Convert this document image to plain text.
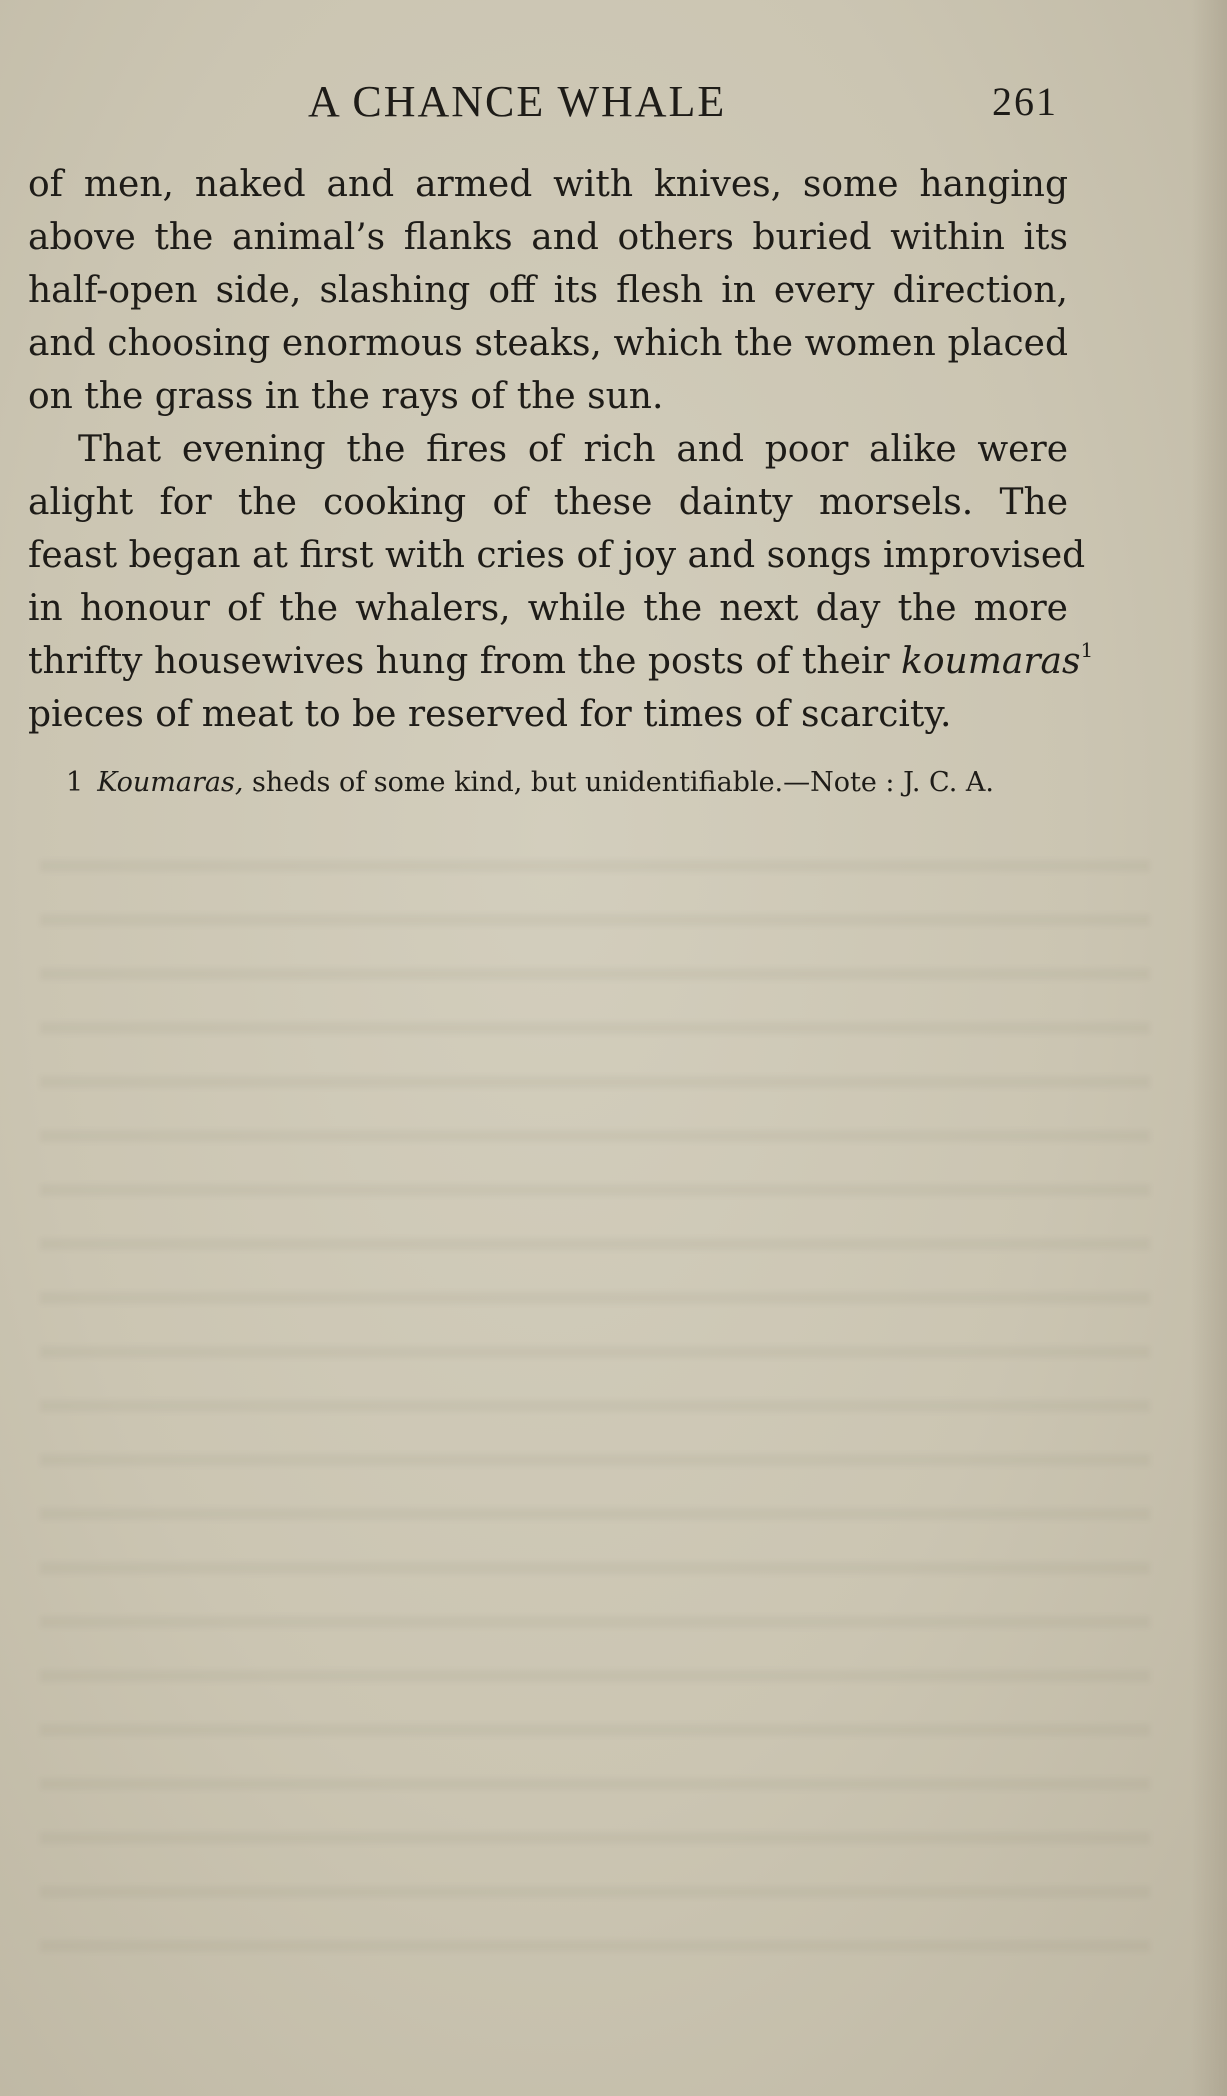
A CHANCE WHALE	261
of men, naked and armed with knives, some hanging
above the animal’s flanks and others buried within its
half-open side, slashing off its flesh in every direction,
and choosing enormous steaks, which the women placed
on the grass in the rays of the sun.
That evening the fires of rich and poor alike were
alight for the cooking of these dainty morsels. The
feast began at first with cries of joy and songs improvised
in honour of the whalers, while the next day the more
thrifty housewives hung from the posts of their koumaras$^1$
pieces of meat to be reserved for times of scarcity.
1 Koumaras, sheds of some kind, but unidentifiable.—Note : J. C. A.
